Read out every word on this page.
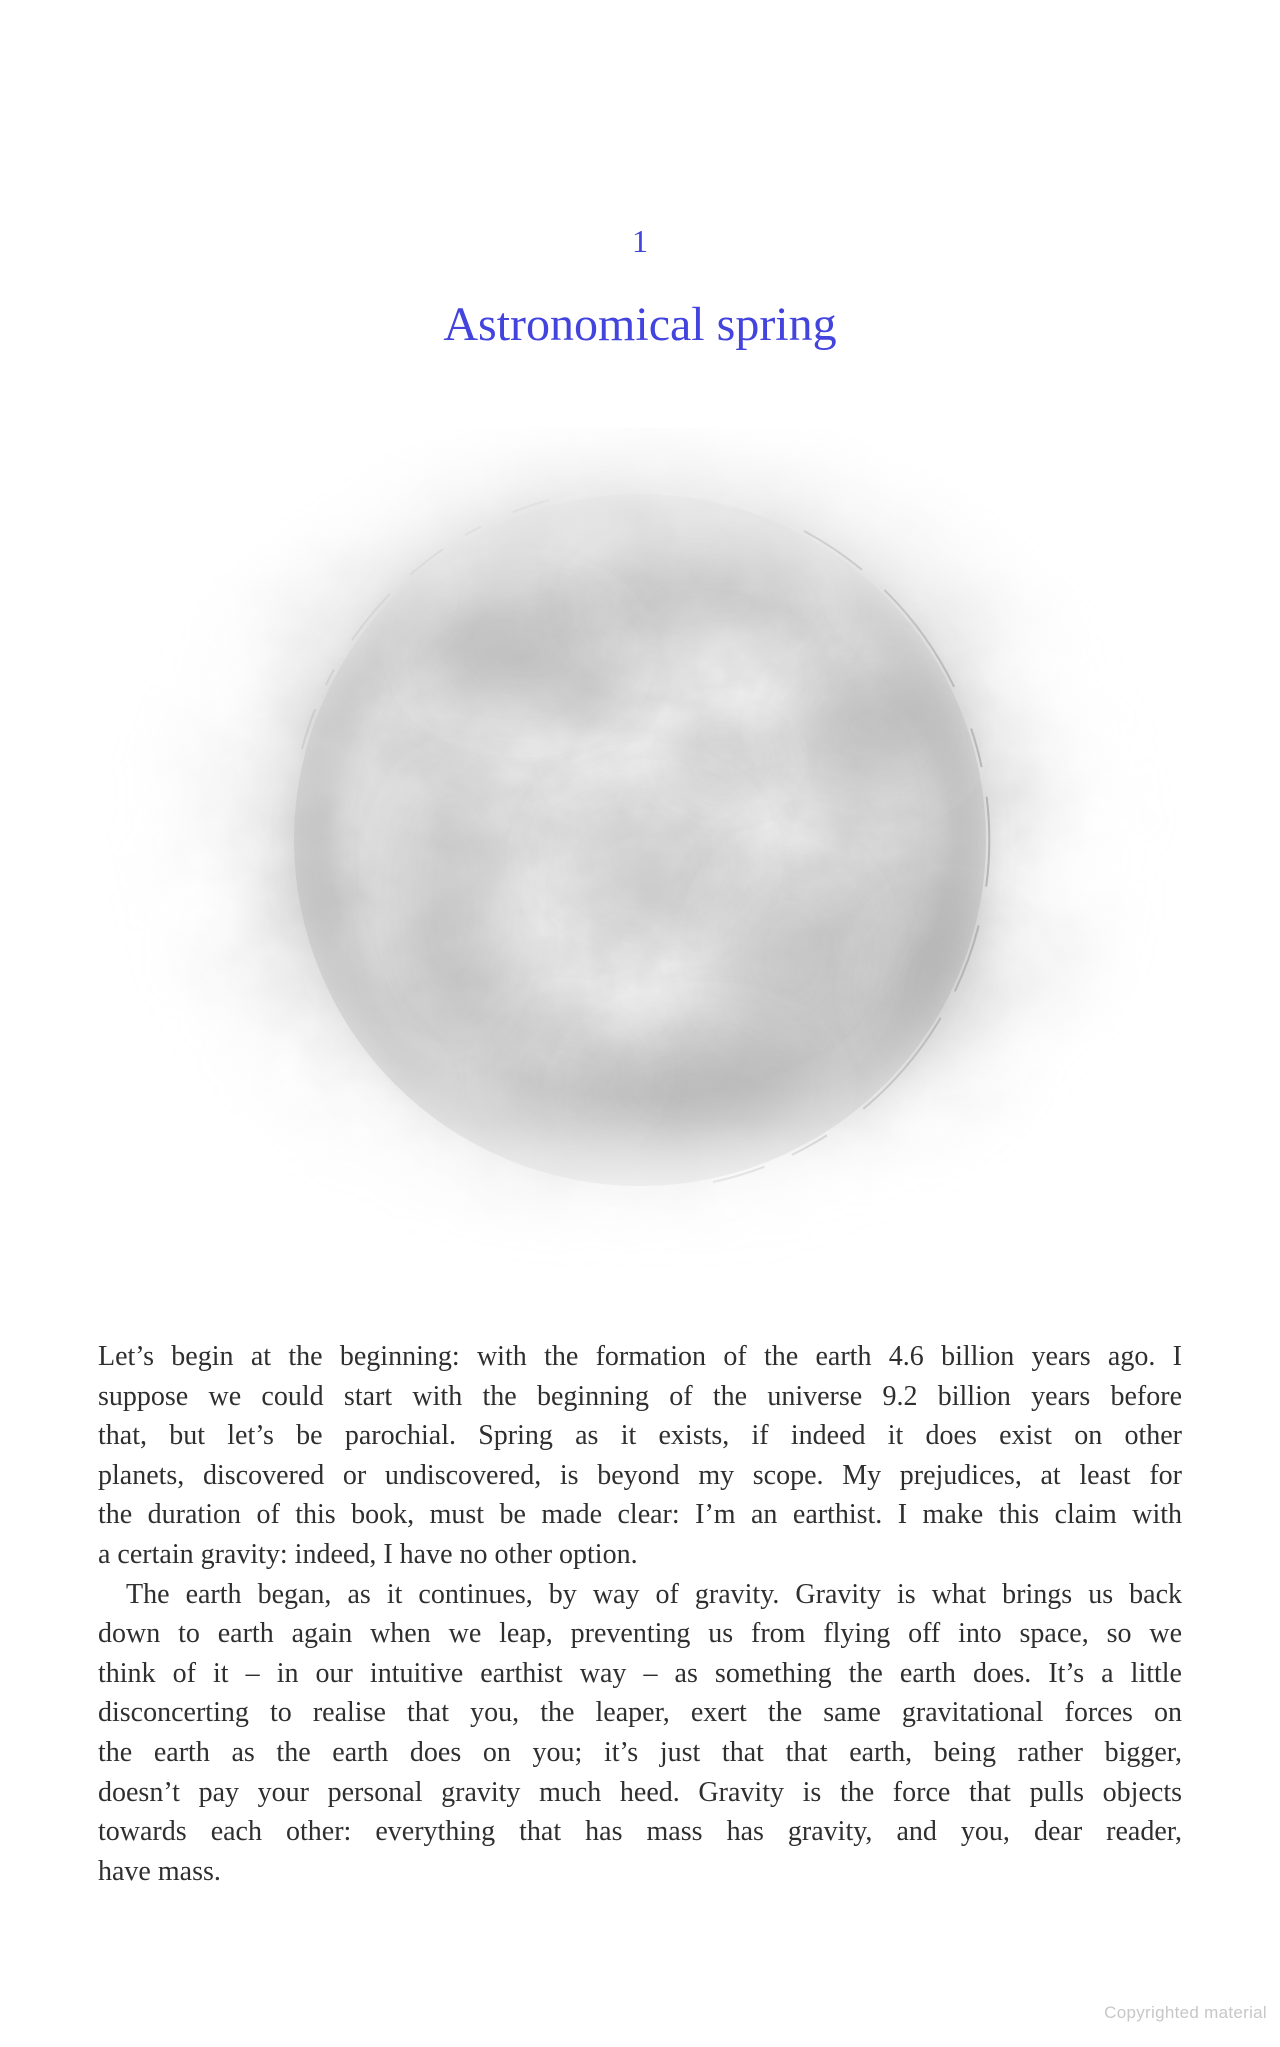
1
Astronomical spring
Let’s begin at the beginning: with the formation of the earth 4.6 billion years ago. I
suppose we could start with the beginning of the universe 9.2 billion years before
that, but let’s be parochial. Spring as it exists, if indeed it does exist on other
planets, discovered or undiscovered, is beyond my scope. My prejudices, at least for
the duration of this book, must be made clear: I’m an earthist. I make this claim with
a certain gravity: indeed, I have no other option.
The earth began, as it continues, by way of gravity. Gravity is what brings us back
down to earth again when we leap, preventing us from flying off into space, so we
think of it – in our intuitive earthist way – as something the earth does. It’s a little
disconcerting to realise that you, the leaper, exert the same gravitational forces on
the earth as the earth does on you; it’s just that that earth, being rather bigger,
doesn’t pay your personal gravity much heed. Gravity is the force that pulls objects
towards each other: everything that has mass has gravity, and you, dear reader,
have mass.
Copyrighted material
